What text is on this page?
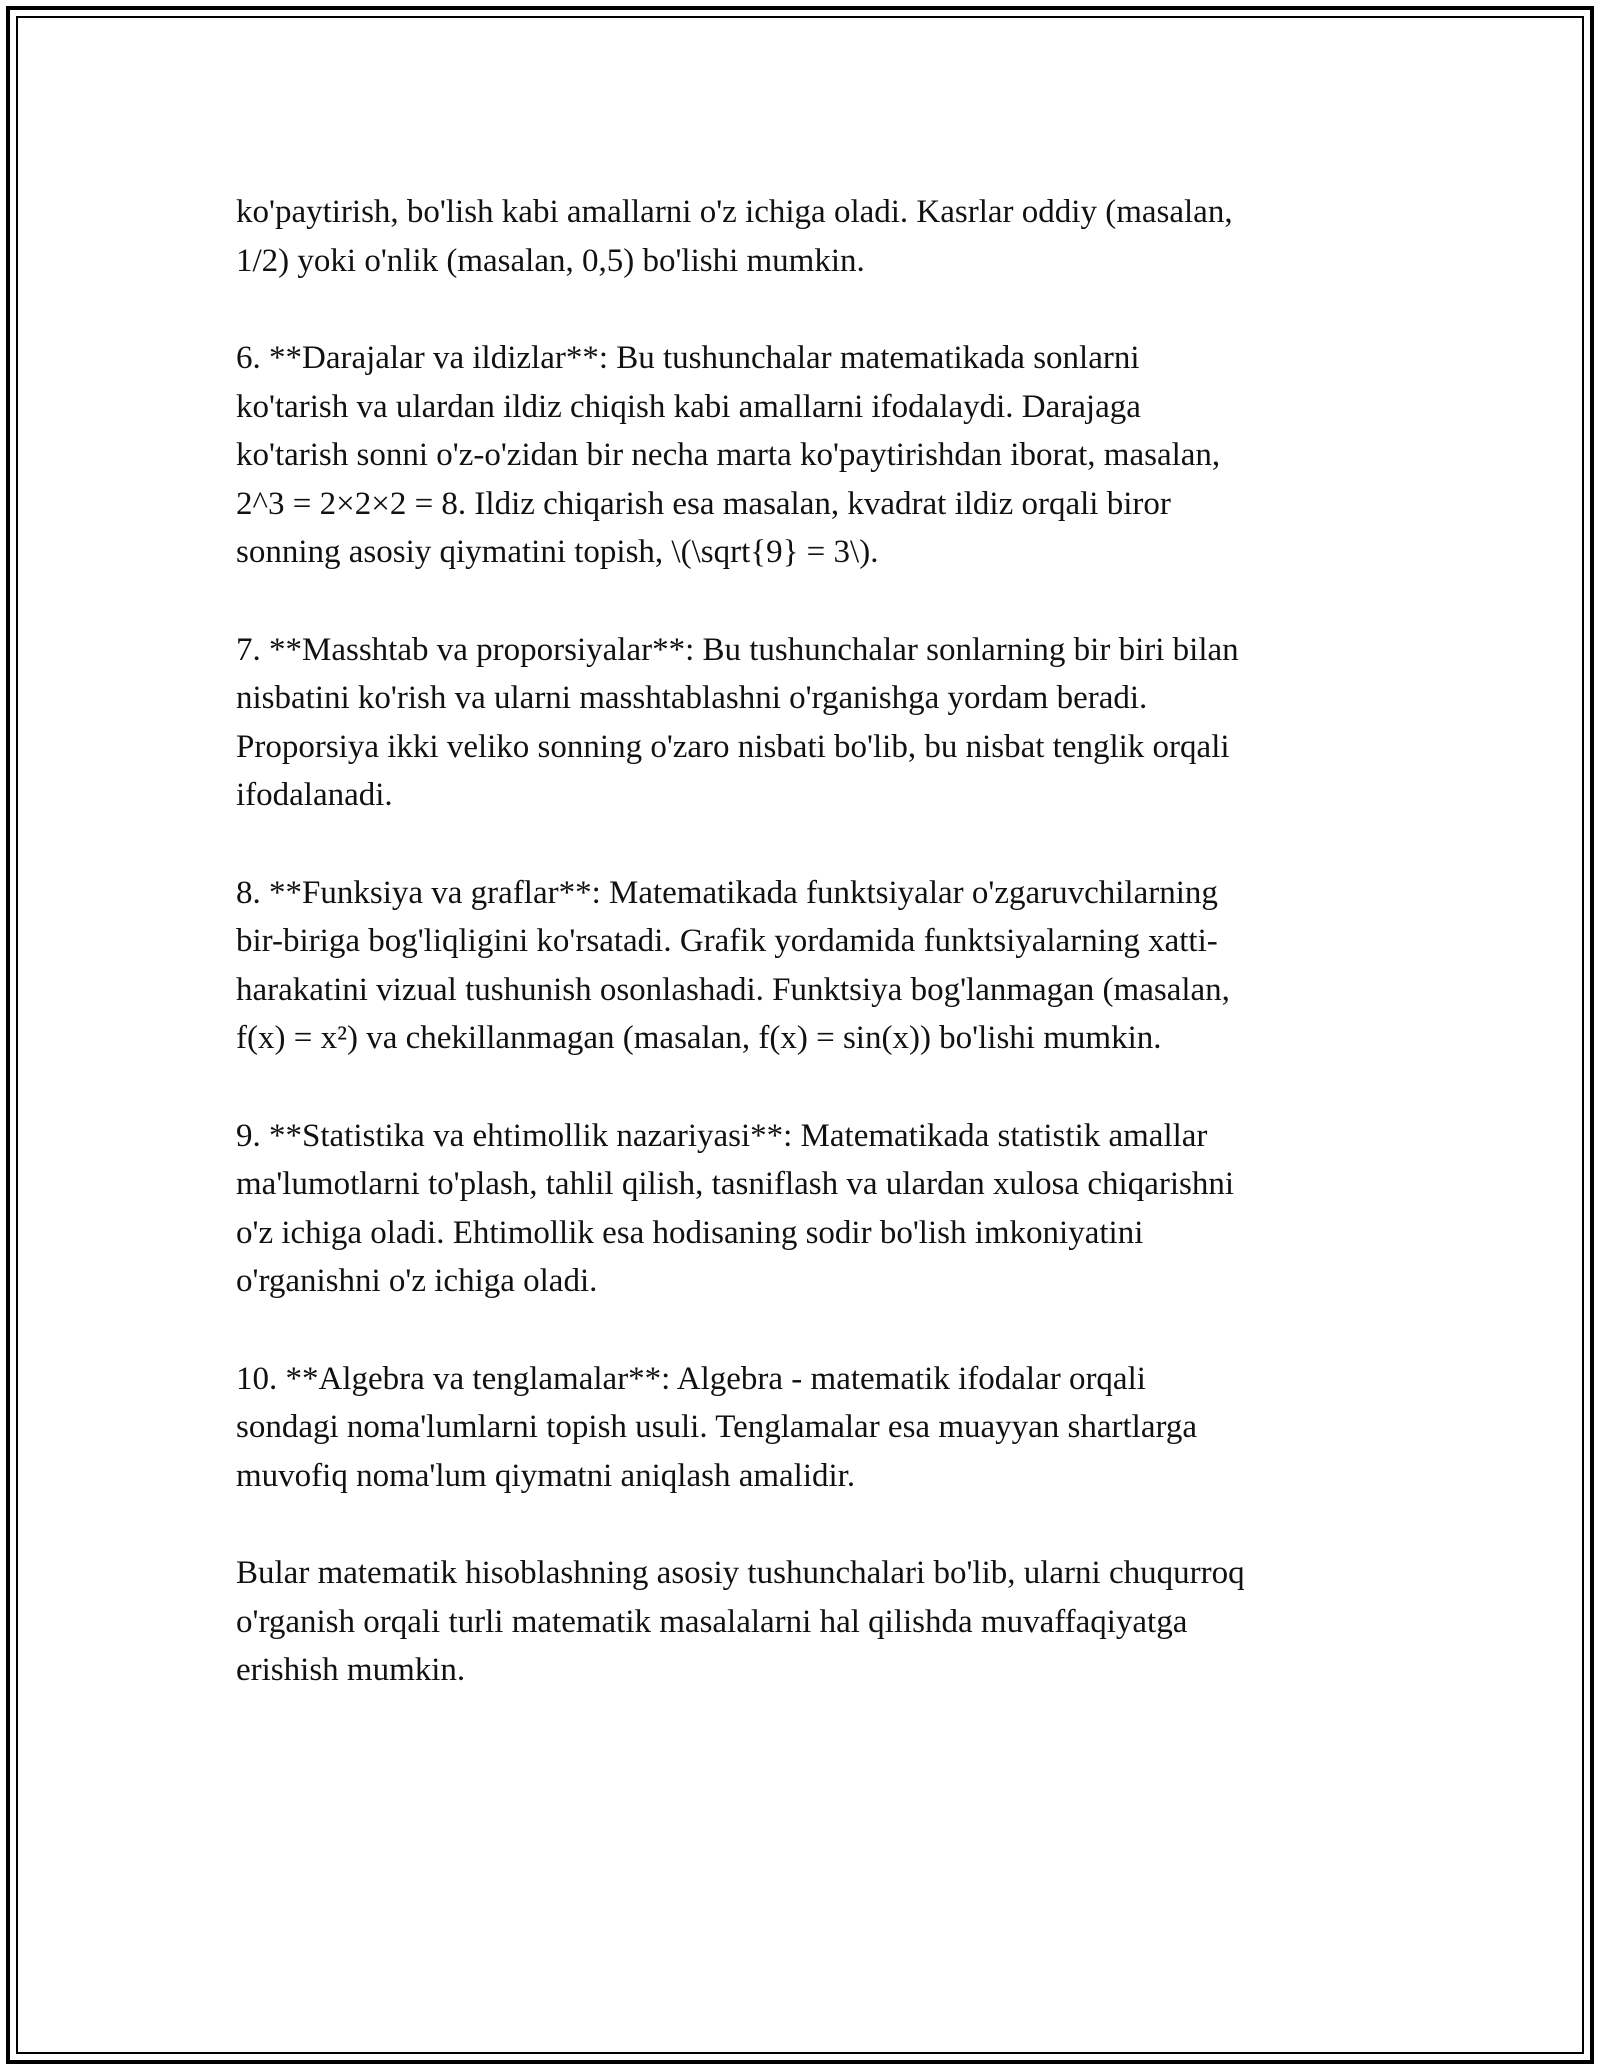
ko'paytirish, bo'lish kabi amallarni o'z ichiga oladi. Kasrlar oddiy (masalan,
1/2) yoki o'nlik (masalan, 0,5) bo'lishi mumkin.
6. **Darajalar va ildizlar**: Bu tushunchalar matematikada sonlarni
ko'tarish va ulardan ildiz chiqish kabi amallarni ifodalaydi. Darajaga
ko'tarish sonni o'z-o'zidan bir necha marta ko'paytirishdan iborat, masalan,
2^3 = 2×2×2 = 8. Ildiz chiqarish esa masalan, kvadrat ildiz orqali biror
sonning asosiy qiymatini topish, \(\sqrt{9} = 3\).
7. **Masshtab va proporsiyalar**: Bu tushunchalar sonlarning bir biri bilan
nisbatini ko'rish va ularni masshtablashni o'rganishga yordam beradi.
Proporsiya ikki veliko sonning o'zaro nisbati bo'lib, bu nisbat tenglik orqali
ifodalanadi.
8. **Funksiya va graflar**: Matematikada funktsiyalar o'zgaruvchilarning
bir-biriga bog'liqligini ko'rsatadi. Grafik yordamida funktsiyalarning xatti-
harakatini vizual tushunish osonlashadi. Funktsiya bog'lanmagan (masalan,
f(x) = x²) va chekillanmagan (masalan, f(x) = sin(x)) bo'lishi mumkin.
9. **Statistika va ehtimollik nazariyasi**: Matematikada statistik amallar
ma'lumotlarni to'plash, tahlil qilish, tasniflash va ulardan xulosa chiqarishni
o'z ichiga oladi. Ehtimollik esa hodisaning sodir bo'lish imkoniyatini
o'rganishni o'z ichiga oladi.
10. **Algebra va tenglamalar**: Algebra - matematik ifodalar orqali
sondagi noma'lumlarni topish usuli. Tenglamalar esa muayyan shartlarga
muvofiq noma'lum qiymatni aniqlash amalidir.
Bular matematik hisoblashning asosiy tushunchalari bo'lib, ularni chuqurroq
o'rganish orqali turli matematik masalalarni hal qilishda muvaffaqiyatga
erishish mumkin.
